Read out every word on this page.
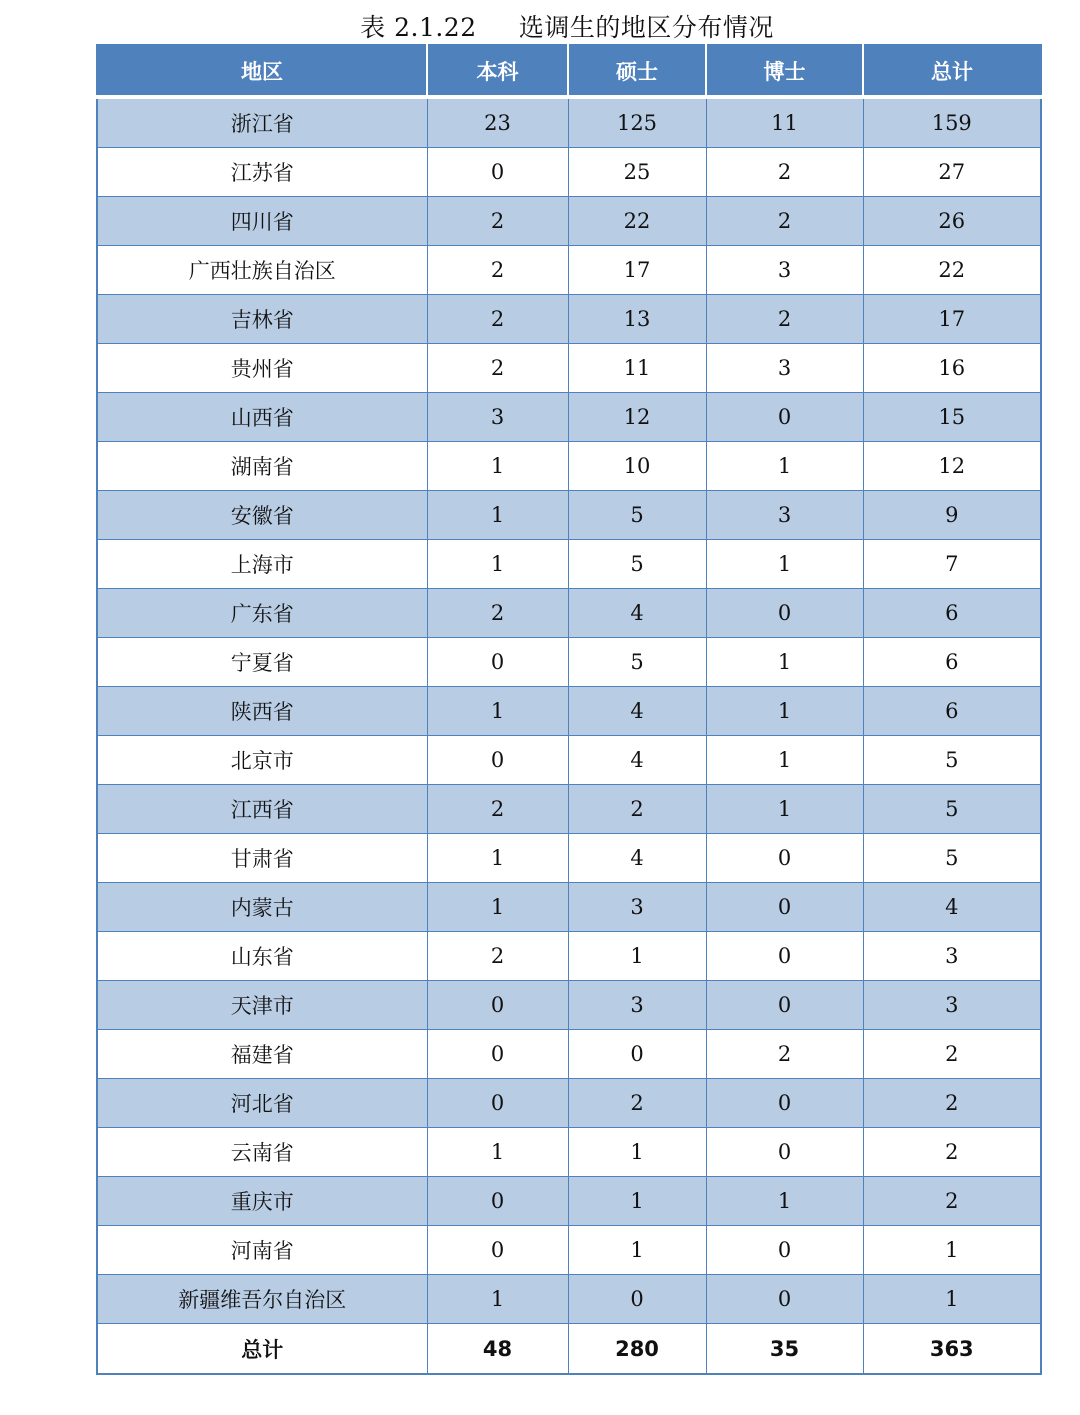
表 2.1.22 选调生的地区分布情况
地区	本科	硕士	博士	总计
浙江省	23	125	11	159
江苏省	0	25	2	27
四川省	2	22	2	26
广西壮族自治区	2	17	3	22
吉林省	2	13	2	17
贵州省	2	11	3	16
山西省	3	12	0	15
湖南省	1	10	1	12
安徽省	1	5	3	9
上海市	1	5	1	7
广东省	2	4	0	6
宁夏省	0	5	1	6
陕西省	1	4	1	6
北京市	0	4	1	5
江西省	2	2	1	5
甘肃省	1	4	0	5
内蒙古	1	3	0	4
山东省	2	1	0	3
天津市	0	3	0	3
福建省	0	0	2	2
河北省	0	2	0	2
云南省	1	1	0	2
重庆市	0	1	1	2
河南省	0	1	0	1
新疆维吾尔自治区	1	0	0	1
总计	48	280	35	363
